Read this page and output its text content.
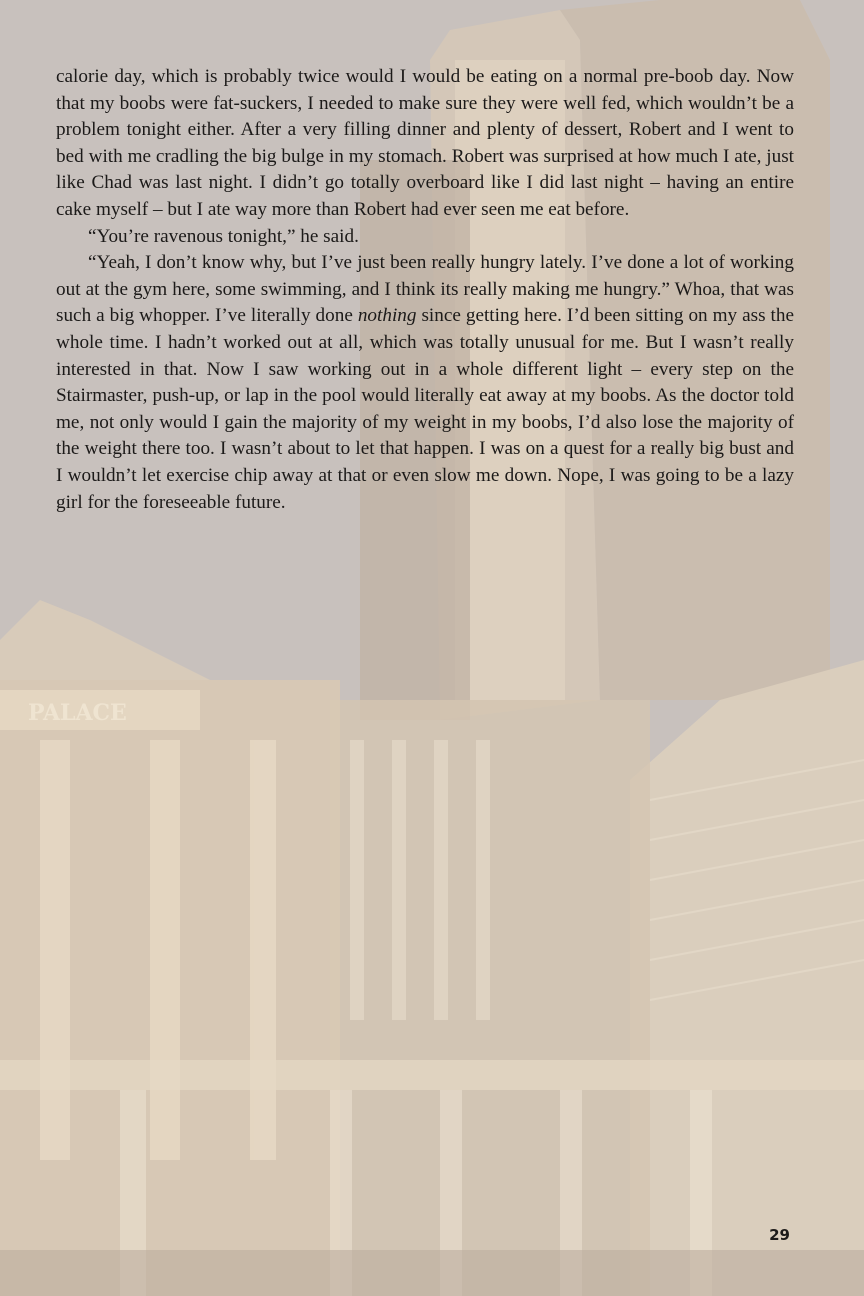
PALACE

calorie day, which is probably twice would I would be eating on a normal pre-boob day. Now that my boobs were fat-suckers, I needed to make sure they were well fed, which wouldn’t be a problem tonight either. After a very filling dinner and plenty of dessert, Robert and I went to bed with me cradling the big bulge in my stomach. Robert was surprised at how much I ate, just like Chad was last night. I didn’t go totally overboard like I did last night – having an entire cake myself – but I ate way more than Robert had ever seen me eat before.

“You’re ravenous tonight,” he said.

“Yeah, I don’t know why, but I’ve just been really hungry lately. I’ve done a lot of working out at the gym here, some swimming, and I think its really making me hungry.” Whoa, that was such a big whopper. I’ve literally done nothing since getting here. I’d been sitting on my ass the whole time. I hadn’t worked out at all, which was totally unusual for me. But I wasn’t really interested in that. Now I saw working out in a whole different light – every step on the Stairmaster, push-up, or lap in the pool would literally eat away at my boobs. As the doctor told me, not only would I gain the majority of my weight in my boobs, I’d also lose the majority of the weight there too. I wasn’t about to let that happen. I was on a quest for a really big bust and I wouldn’t let exercise chip away at that or even slow me down. Nope, I was going to be a lazy girl for the foreseeable future.

29
